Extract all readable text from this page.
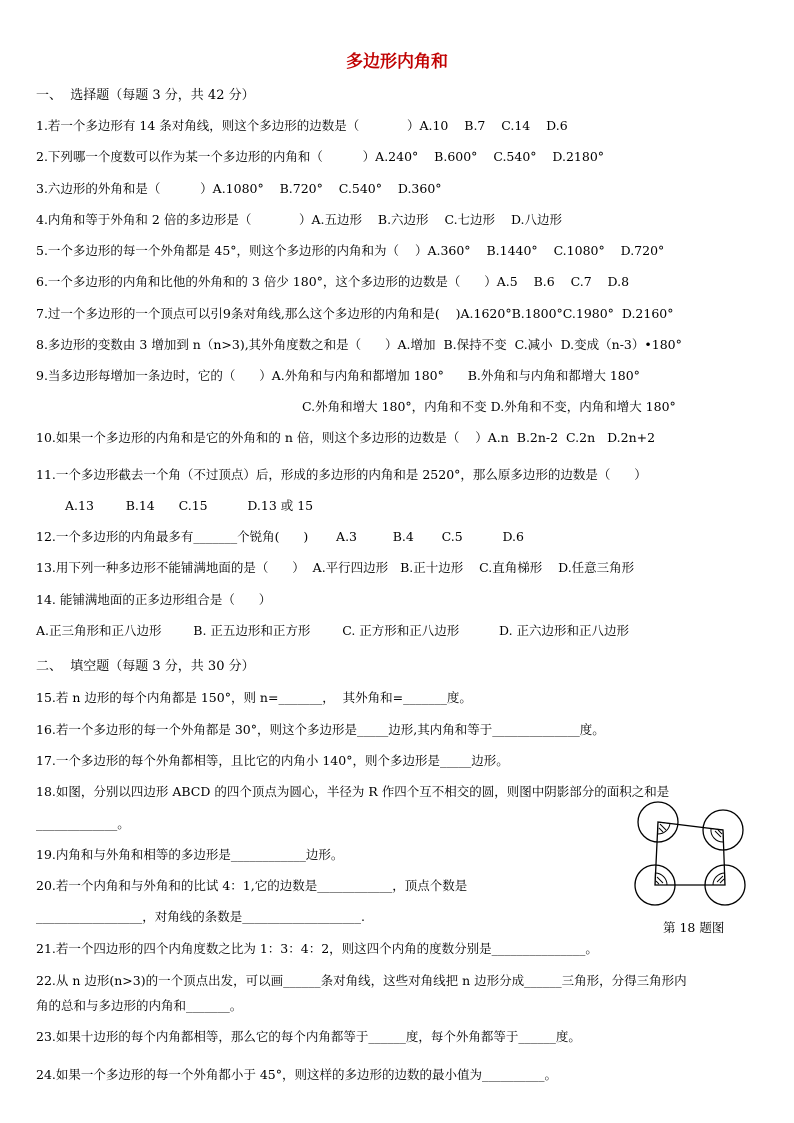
多边形内角和
一、  选择题（每题 3 分，共 42 分）
1.若一个多边形有 14 条对角线，则这个多边形的边数是（            ）A.10    B.7    C.14    D.6
2.下列哪一个度数可以作为某一个多边形的内角和（          ）A.240°    B.600°    C.540°    D.2180°
3.六边形的外角和是（          ）A.1080°    B.720°    C.540°    D.360°
4.内角和等于外角和 2 倍的多边形是（            ）A.五边形    B.六边形    C.七边形    D.八边形
5.一个多边形的每一个外角都是 45°，则这个多边形的内角和为（    ）A.360°    B.1440°    C.1080°    D.720°
6.一个多边形的内角和比他的外角和的 3 倍少 180°，这个多边形的边数是（      ）A.5    B.6    C.7    D.8
7.过一个多边形的一个顶点可以引9条对角线,那么这个多边形的内角和是(    )A.1620°B.1800°C.1980°  D.2160°
8.多边形的变数由 3 增加到 n（n>3),其外角度数之和是（      ）A.增加  B.保持不变  C.减小  D.变成（n-3）•180°
9.当多边形每增加一条边时，它的（      ）A.外角和与内角和都增加 180°      B.外角和与内角和都增大 180°
C.外角和增大 180°，内角和不变 D.外角和不变，内角和增大 180°
10.如果一个多边形的内角和是它的外角和的 n 倍，则这个多边形的边数是（    ）A.n  B.2n-2  C.2n   D.2n+2
11.一个多边形截去一个角（不过顶点）后，形成的多边形的内角和是 2520°，那么原多边形的边数是（      ）
A.13        B.14      C.15          D.13 或 15
12.一个多边形的内角最多有_______个锐角(      )       A.3         B.4       C.5          D.6
13.用下列一种多边形不能铺满地面的是（      ）  A.平行四边形   B.正十边形    C.直角梯形    D.任意三角形
14. 能铺满地面的正多边形组合是（      ）
A.正三角形和正八边形        B. 正五边形和正方形        C. 正方形和正八边形          D. 正六边形和正八边形
二、  填空题（每题 3 分，共 30 分）
15.若 n 边形的每个内角都是 150°，则 n=_______，  其外角和=_______度。
16.若一个多边形的每一个外角都是 30°，则这个多边形是_____边形,其内角和等于______________度。
17.一个多边形的每个外角都相等，且比它的内角小 140°，则个多边形是_____边形。
18.如图，分别以四边形 ABCD 的四个顶点为圆心，半径为 R 作四个互不相交的圆，则图中阴影部分的面积之和是
_____________。
19.内角和与外角和相等的多边形是____________边形。
20.若一个内角和与外角和的比试 4：1,它的边数是____________，顶点个数是
_________________，对角线的条数是___________________.
21.若一个四边形的四个内角度数之比为 1：3：4：2，则这四个内角的度数分别是_______________。
22.从 n 边形(n>3)的一个顶点出发，可以画______条对角线，这些对角线把 n 边形分成______三角形，分得三角形内
角的总和与多边形的内角和_______。
23.如果十边形的每个内角都相等，那么它的每个内角都等于______度，每个外角都等于______度。
24.如果一个多边形的每一个外角都小于 45°，则这样的多边形的边数的最小值为__________。
第 18 题图
